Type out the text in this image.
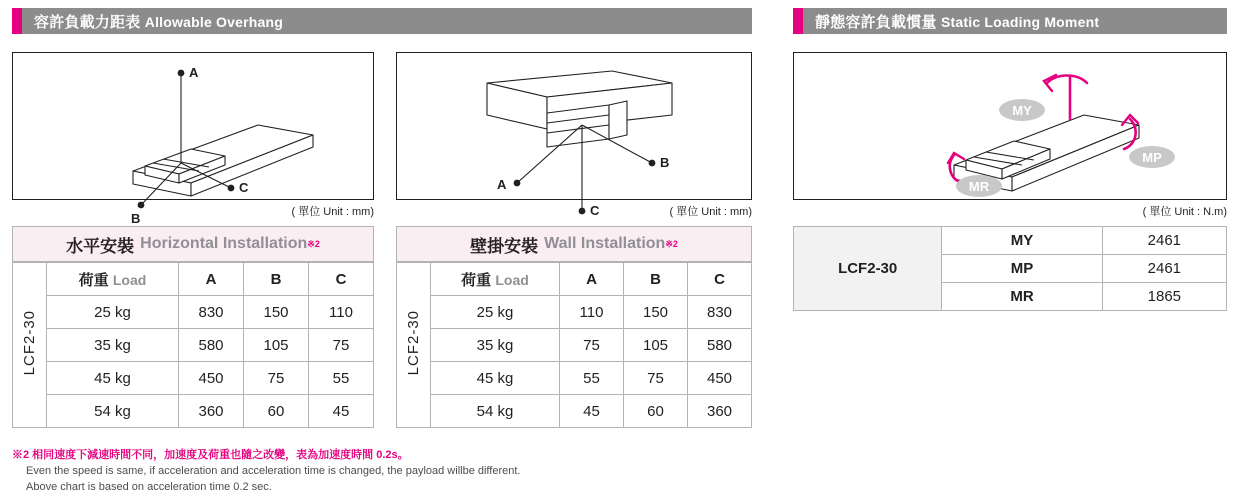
容許負載力距表 Allowable Overhang	靜態容許負載慣量 Static Loading Moment
A
C
B	( 單位 Unit : mm)
A
B
C	( 單位 Unit : mm)
MY
MP
MR
( 單位 Unit : N.m)
水平安裝 Horizontal Installation ※2
LCF2-30	荷重 Load	A	B	C
	25 kg	830	150	110
	35 kg	580	105	75
	45 kg	450	75	55
	54 kg	360	60	45
壁掛安裝 Wall Installation ※2
LCF2-30	荷重 Load	A	B	C
	25 kg	110	150	830
	35 kg	75	105	580
	45 kg	55	75	450
	54 kg	45	60	360
LCF2-30	MY	2461
	MP	2461
	MR	1865
※2 相同速度下減速時間不同，加速度及荷重也隨之改變，表為加速度時間 0.2s。
Even the speed is same, if acceleration and acceleration time is changed, the payload willbe different.
Above chart is based on acceleration time 0.2 sec.
